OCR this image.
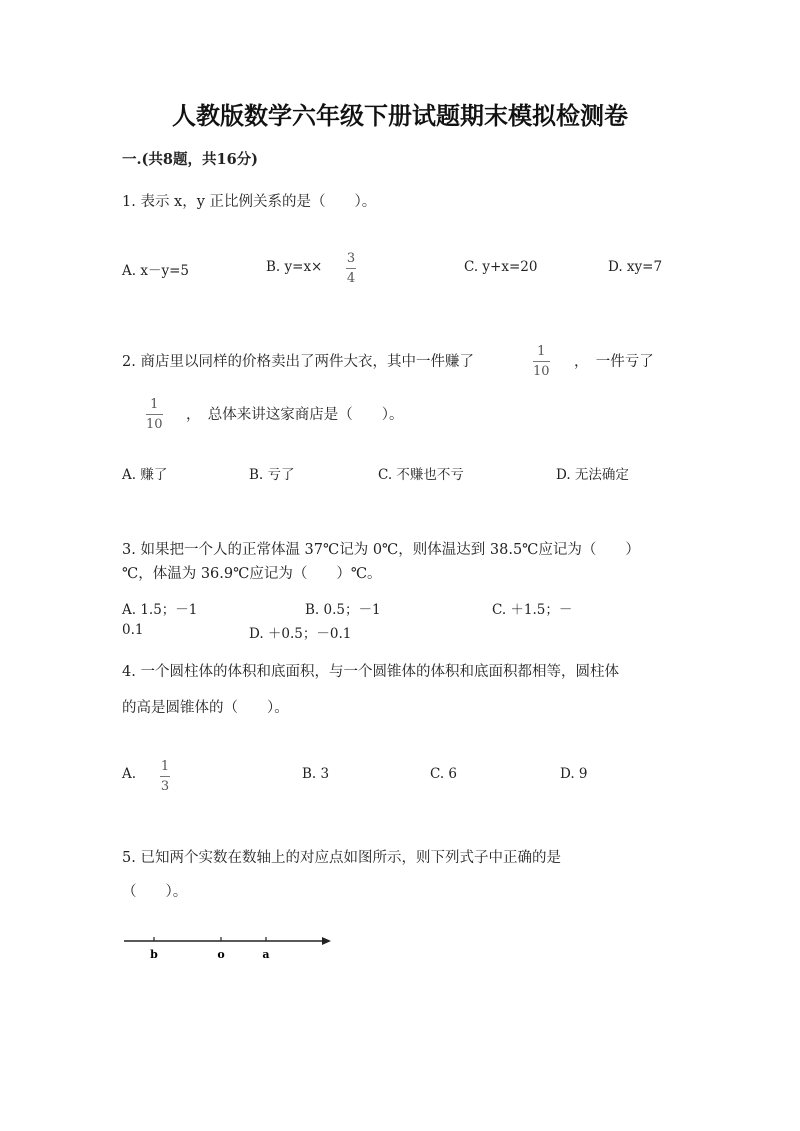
人教版数学六年级下册试题期末模拟检测卷
一.(共8题，共16分)
1. 表示 x，y 正比例关系的是（　　）。
A. x－y=5	B. y=x×
3
4
C. y+x=20	D. xy=7
2. 商店里以同样的价格卖出了两件大衣，其中一件赚了
1
10
，　一件亏了
1
10
，　总体来讲这家商店是（　　）。
A. 赚了	B. 亏了	C. 不赚也不亏	D. 无法确定
3. 如果把一个人的正常体温 37℃记为 0℃，则体温达到 38.5℃应记为（　　）
℃，体温为 36.9℃应记为（　　）℃。
A. 1.5；－1	B. 0.5；－1	C. ＋1.5；－
0.1	D. ＋0.5；－0.1
4. 一个圆柱体的体积和底面积，与一个圆锥体的体积和底面积都相等，圆柱体
的高是圆锥体的（　　）。
A. 1
3
B. 3	C. 6	D. 9
5. 已知两个实数在数轴上的对应点如图所示，则下列式子中正确的是
（　　）。
b	o	a
